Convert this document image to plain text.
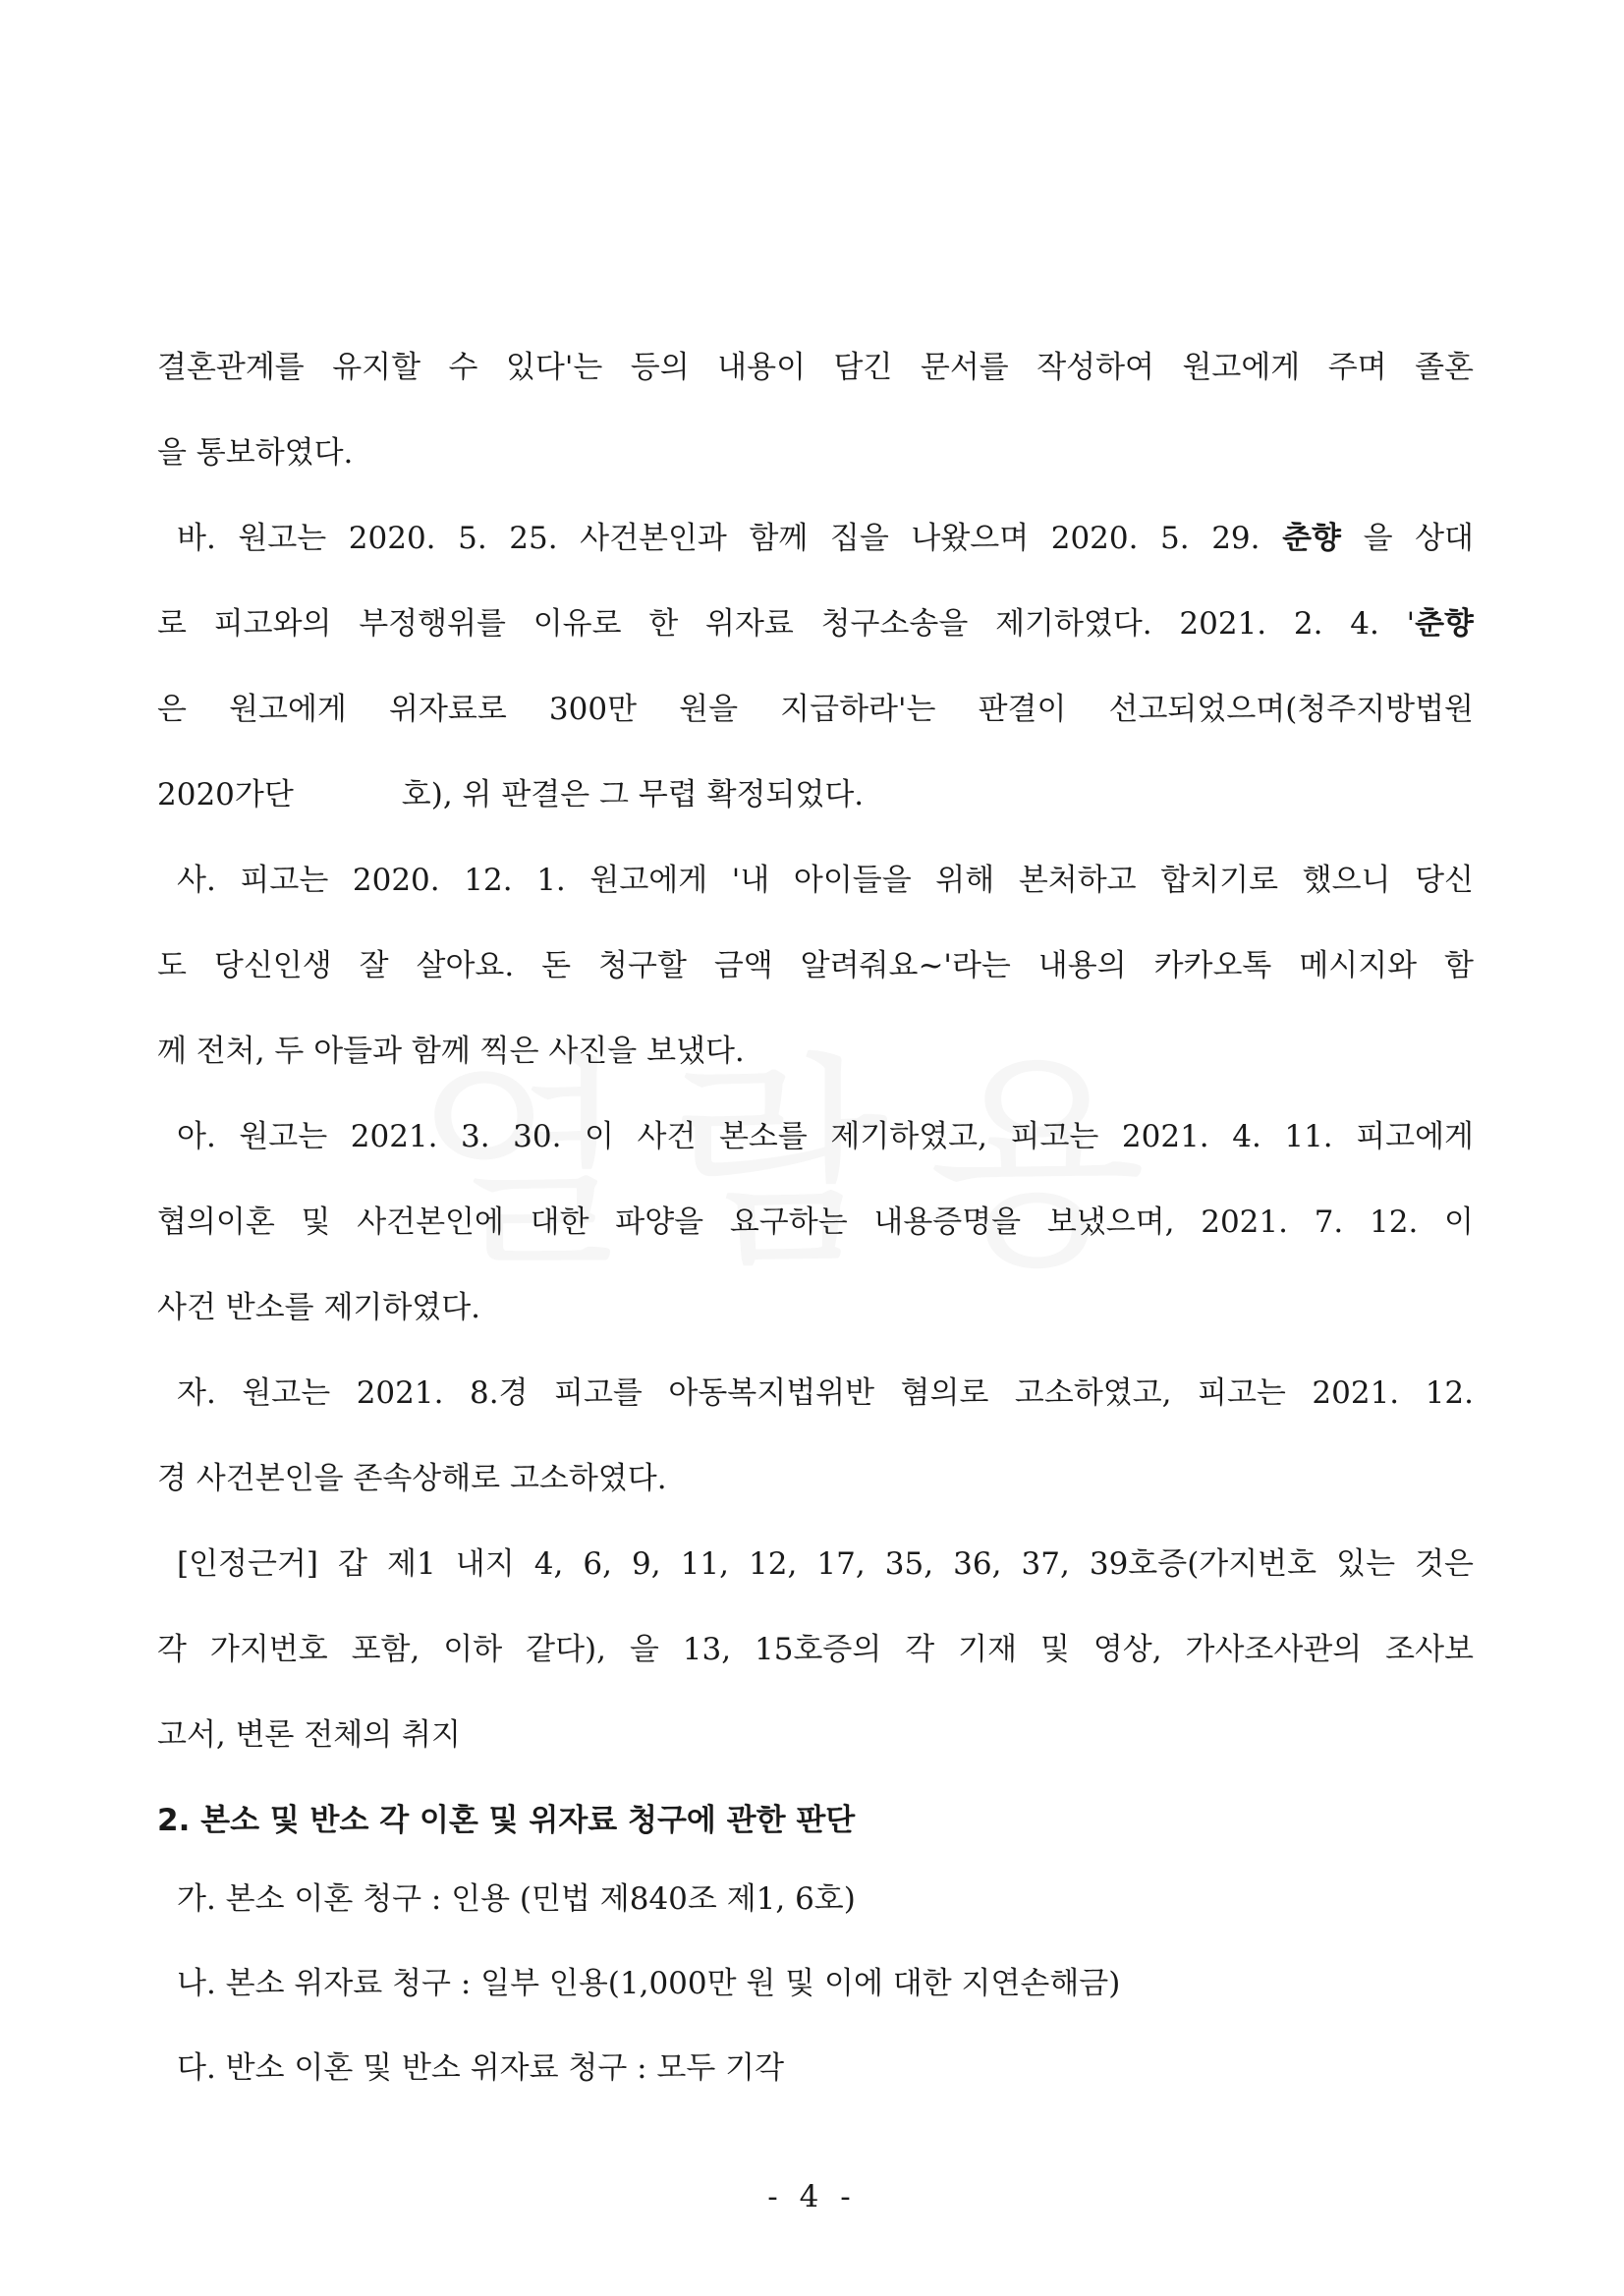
결혼관계를 유지할 수 있다'는 등의 내용이 담긴 문서를 작성하여 원고에게 주며 졸혼
을 통보하였다.
바. 원고는 2020. 5. 25. 사건본인과 함께 집을 나왔으며 2020. 5. 29. 춘향 을 상대
로 피고와의 부정행위를 이유로 한 위자료 청구소송을 제기하였다. 2021. 2. 4. '춘향
은 원고에게 위자료로 300만 원을 지급하라'는 판결이 선고되었으며(청주지방법원
2020가단	호), 위 판결은 그 무렵 확정되었다.
사. 피고는 2020. 12. 1. 원고에게 '내 아이들을 위해 본처하고 합치기로 했으니 당신
도 당신인생 잘 살아요. 돈 청구할 금액 알려줘요~'라는 내용의 카카오톡 메시지와 함
께 전처, 두 아들과 함께 찍은 사진을 보냈다.
아. 원고는 2021. 3. 30. 이 사건 본소를 제기하였고, 피고는 2021. 4. 11. 피고에게
협의이혼 및 사건본인에 대한 파양을 요구하는 내용증명을 보냈으며, 2021. 7. 12. 이
사건 반소를 제기하였다.
자. 원고는 2021. 8.경 피고를 아동복지법위반 혐의로 고소하였고, 피고는 2021. 12.
경 사건본인을 존속상해로 고소하였다.
[인정근거] 갑 제1 내지 4, 6, 9, 11, 12, 17, 35, 36, 37, 39호증(가지번호 있는 것은
각 가지번호 포함, 이하 같다), 을 13, 15호증의 각 기재 및 영상, 가사조사관의 조사보
고서, 변론 전체의 취지
2. 본소 및 반소 각 이혼 및 위자료 청구에 관한 판단
가. 본소 이혼 청구 : 인용 (민법 제840조 제1, 6호)
나. 본소 위자료 청구 : 일부 인용(1,000만 원 및 이에 대한 지연손해금)
다. 반소 이혼 및 반소 위자료 청구 : 모두 기각
- 4 -
